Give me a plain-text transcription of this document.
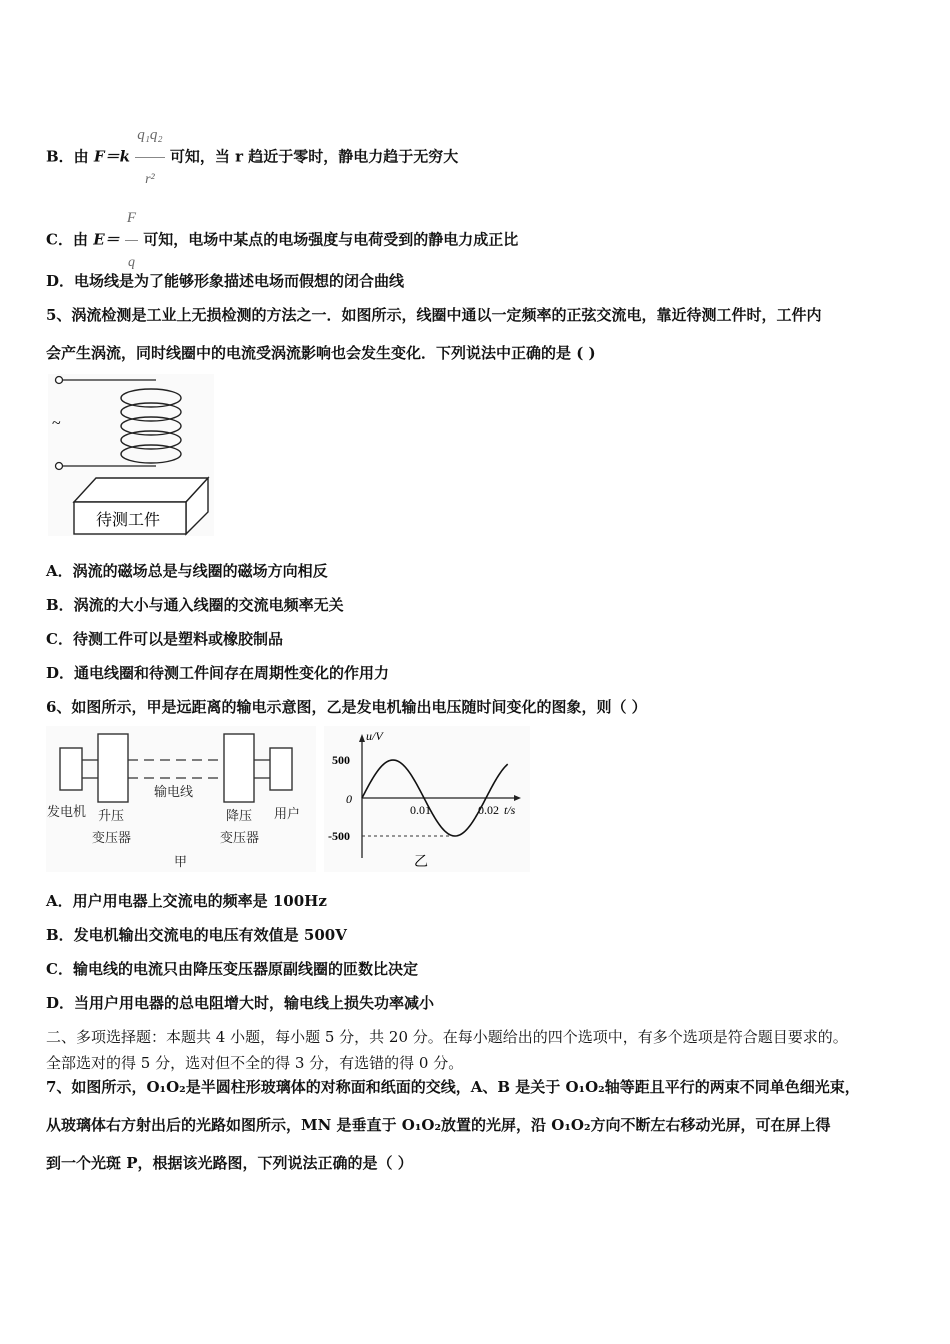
B．由 $F=k \frac{\text{q₁q₂}}{\text{r²}}$ 可知，当 r 趋近于零时，静电力趋于无穷大
C．由 $E= \frac{F}{q}$ 可知，电场中某点的电场强度与电荷受到的静电力成正比
D．电场线是为了能够形象描述电场而假想的闭合曲线
5、涡流检测是工业上无损检测的方法之一．如图所示，线圈中通以一定频率的正弦交流电，靠近待测工件时，工件内
会产生涡流，同时线圈中的电流受涡流影响也会发生变化．下列说法中正确的是 ( )
~
待测工件
A．涡流的磁场总是与线圈的磁场方向相反
B．涡流的大小与通入线圈的交流电频率无关
C．待测工件可以是塑料或橡胶制品
D．通电线圈和待测工件间存在周期性变化的作用力
6、如图所示，甲是远距离的输电示意图，乙是发电机输出电压随时间变化的图象，则（ ）
发电机 升压
变压器
输电线
降压
变压器
用户
甲
u/V
t/s
500
0
-500
0.01	0.02
乙
A．用户用电器上交流电的频率是 100Hz
B．发电机输出交流电的电压有效值是 500V
C．输电线的电流只由降压变压器原副线圈的匝数比决定
D．当用户用电器的总电阻增大时，输电线上损失功率减小
二、多项选择题：本题共 4 小题，每小题 5 分，共 20 分。在每小题给出的四个选项中，有多个选项是符合题目要求的。
全部选对的得 5 分，选对但不全的得 3 分，有选错的得 0 分。
7、如图所示，O₁O₂是半圆柱形玻璃体的对称面和纸面的交线，A、B 是关于 O₁O₂轴等距且平行的两束不同单色细光束，
从玻璃体右方射出后的光路如图所示，MN 是垂直于 O₁O₂放置的光屏，沿 O₁O₂方向不断左右移动光屏，可在屏上得
到一个光斑 P，根据该光路图，下列说法正确的是（ ）
